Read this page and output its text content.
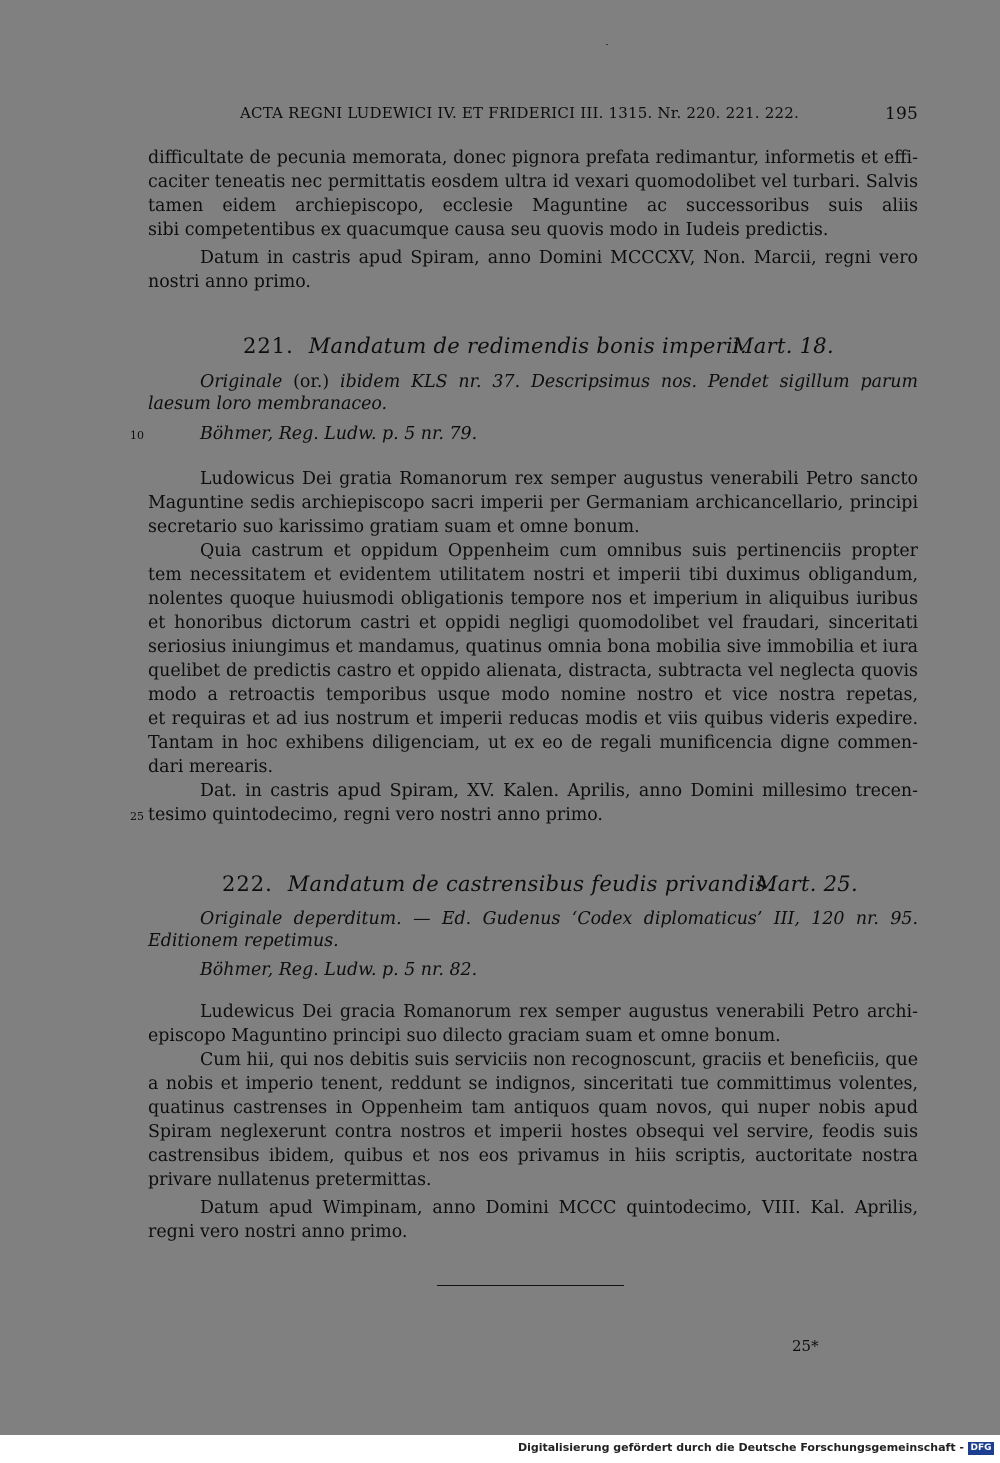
ACTA REGNI LUDEWICI IV. ET FRIDERICI III. 1315. Nr. 220. 221. 222.	195
difficultate de pecunia memorata, donec pignora prefata redimantur, informetis et effi-
caciter teneatis nec permittatis eosdem ultra id vexari quomodolibet vel turbari. Salvis
tamen eidem archiepiscopo, ecclesie Maguntine ac successoribus suis aliis
sibi competentibus ex quacumque causa seu quovis modo in Iudeis predictis.
Datum in castris apud Spiram, anno Domini MCCCXV, Non. Marcii, regni vero
nostri anno primo.
221. Mandatum de redimendis bonis imperii.
Mart. 18.
Originale (or.) ibidem KLS nr. 37. Descripsimus nos. Pendet sigillum parum
laesum loro membranaceo.
10	Böhmer, Reg. Ludw. p. 5 nr. 79.
Ludowicus Dei gratia Romanorum rex semper augustus venerabili Petro sancto
Maguntine sedis archiepiscopo sacri imperii per Germaniam archicancellario, principi
secretario suo karissimo gratiam suam et omne bonum.
Quia castrum et oppidum Oppenheim cum omnibus suis pertinenciis propter
tem necessitatem et evidentem utilitatem nostri et imperii tibi duximus obligandum,
nolentes quoque huiusmodi obligationis tempore nos et imperium in aliquibus iuribus
et honoribus dictorum castri et oppidi negligi quomodolibet vel fraudari, sinceritati
seriosius iniungimus et mandamus, quatinus omnia bona mobilia sive immobilia et iura
quelibet de predictis castro et oppido alienata, distracta, subtracta vel neglecta quovis
modo a retroactis temporibus usque modo nomine nostro et vice nostra repetas,
et requiras et ad ius nostrum et imperii reducas modis et viis quibus videris expedire.
Tantam in hoc exhibens diligenciam, ut ex eo de regali munificencia digne commen-
dari merearis.
Dat. in castris apud Spiram, XV. Kalen. Aprilis, anno Domini millesimo trecen-
25 tesimo quintodecimo, regni vero nostri anno primo.
222. Mandatum de castrensibus feudis privandis.
Mart. 25.
Originale deperditum. — Ed. Gudenus ‘Codex diplomaticus’ III, 120 nr. 95.
Editionem repetimus.
Böhmer, Reg. Ludw. p. 5 nr. 82.
Ludewicus Dei gracia Romanorum rex semper augustus venerabili Petro archi-
episcopo Maguntino principi suo dilecto graciam suam et omne bonum.
Cum hii, qui nos debitis suis serviciis non recognoscunt, graciis et beneficiis, que
a nobis et imperio tenent, reddunt se indignos, sinceritati tue committimus volentes,
quatinus castrenses in Oppenheim tam antiquos quam novos, qui nuper nobis apud
Spiram neglexerunt contra nostros et imperii hostes obsequi vel servire, feodis suis
castrensibus ibidem, quibus et nos eos privamus in hiis scriptis, auctoritate nostra
privare nullatenus pretermittas.
Datum apud Wimpinam, anno Domini MCCC quintodecimo, VIII. Kal. Aprilis,
regni vero nostri anno primo.
25*
Digitalisierung gefördert durch die Deutsche Forschungsgemeinschaft - DFG
